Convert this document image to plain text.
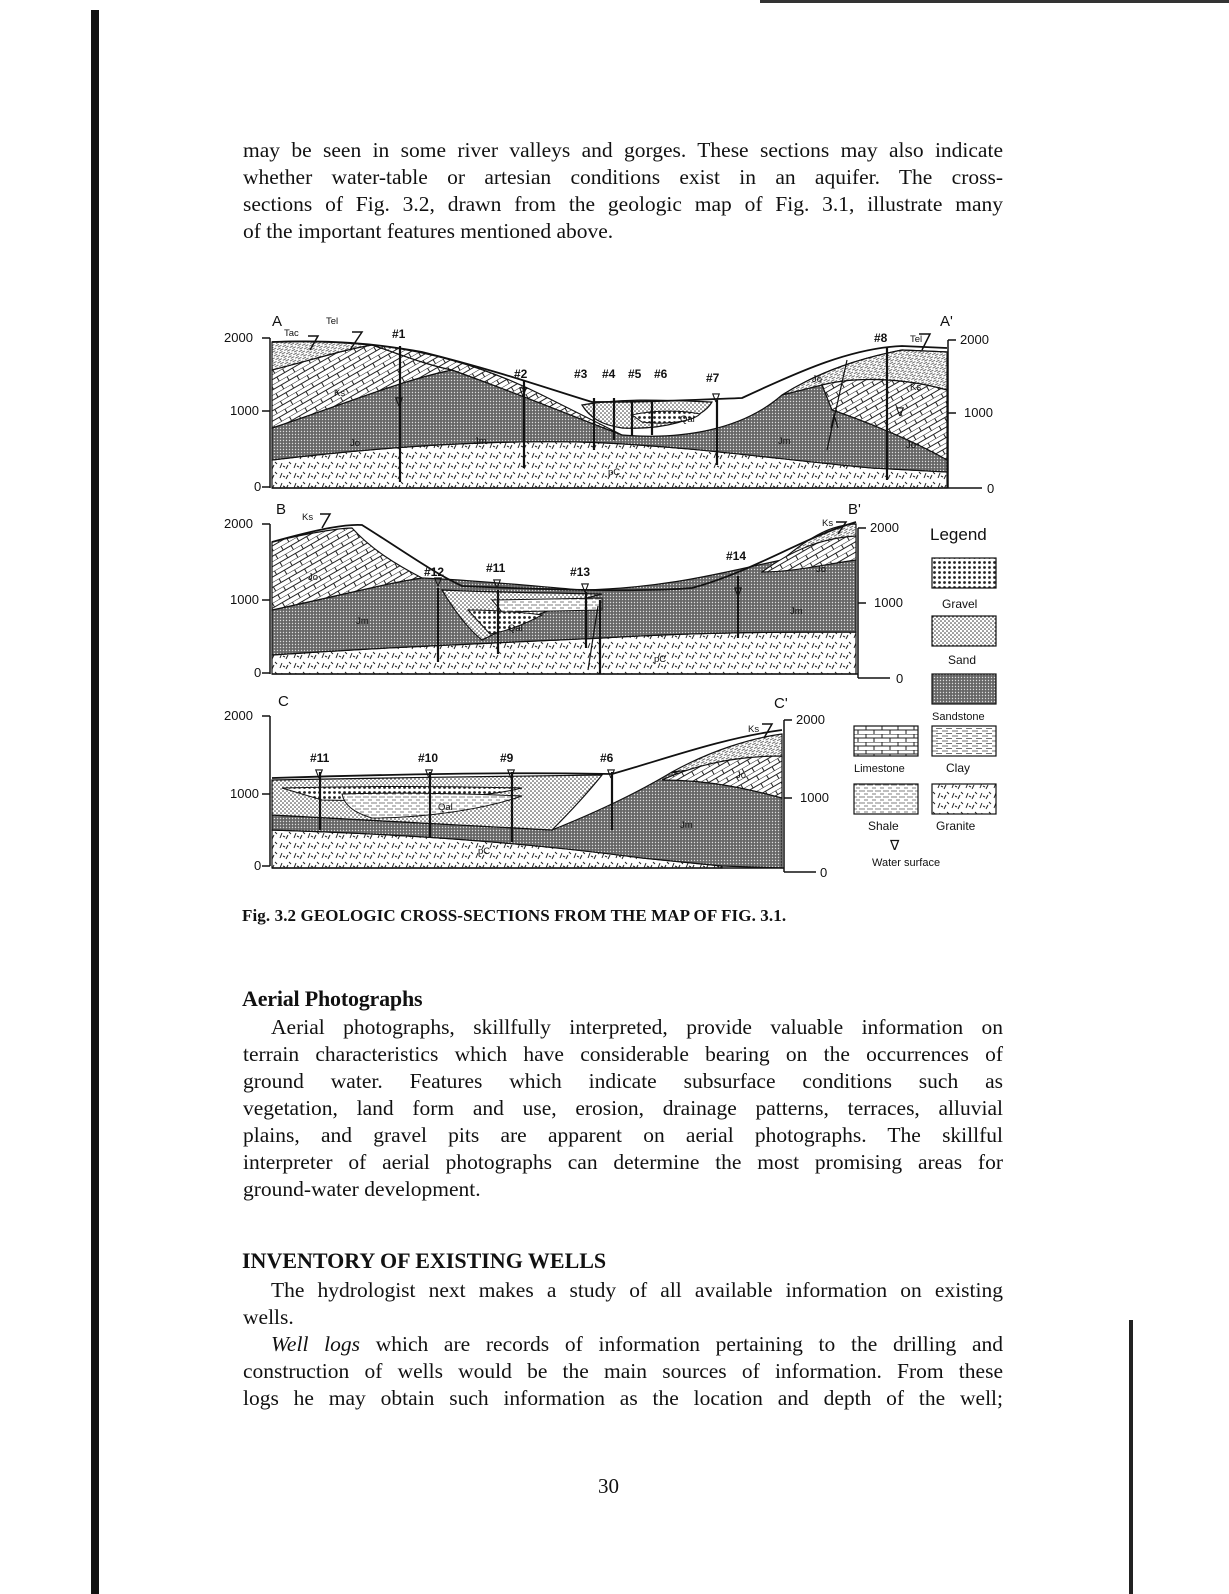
may be seen in some river valleys and gorges. These sections may also indicate
whether water-table or artesian conditions exist in an aquifer. The cross-
sections of Fig. 3.2, drawn from the geologic map of Fig. 3.1, illustrate many
of the important features mentioned above.

2000
1000
0
2000
1000
0
A	A'
#1
#2	#3 #4 #5 #6	#7
#8
Tac
Tel
Ks
Jo	Jm
Qal
pC
Jo
Ks
Tel
Jm	Jo
2000
1000
0
2000
1000
0
B	B'
#12	#11	#13
#14
Ks
Jo
Jm
Qal
pC
Jo
Jm
Ks
2000
1000
0
2000
1000
0
C	C'
#11	#10	#9	#6
Qal
pC
Jm
Jo
Ks
Legend
Gravel
Sand
Sandstone
Limestone	Clay
Shale	Granite
∇
Water surface
∇
∇	∇
∇
∇	∇	∇	∇
∇	∇	∇	∇

Fig. 3.2 GEOLOGIC CROSS-SECTIONS FROM THE MAP OF FIG. 3.1.

Aerial Photographs

Aerial photographs, skillfully interpreted, provide valuable information on
terrain characteristics which have considerable bearing on the occurrences of
ground water. Features which indicate subsurface conditions such as
vegetation, land form and use, erosion, drainage patterns, terraces, alluvial
plains, and gravel pits are apparent on aerial photographs. The skillful
interpreter of aerial photographs can determine the most promising areas for
ground-water development.

INVENTORY OF EXISTING WELLS

The hydrologist next makes a study of all available information on existing
wells.

Well logs which are records of information pertaining to the drilling and
construction of wells would be the main sources of information. From these
logs he may obtain such information as the location and depth of the well;

30
